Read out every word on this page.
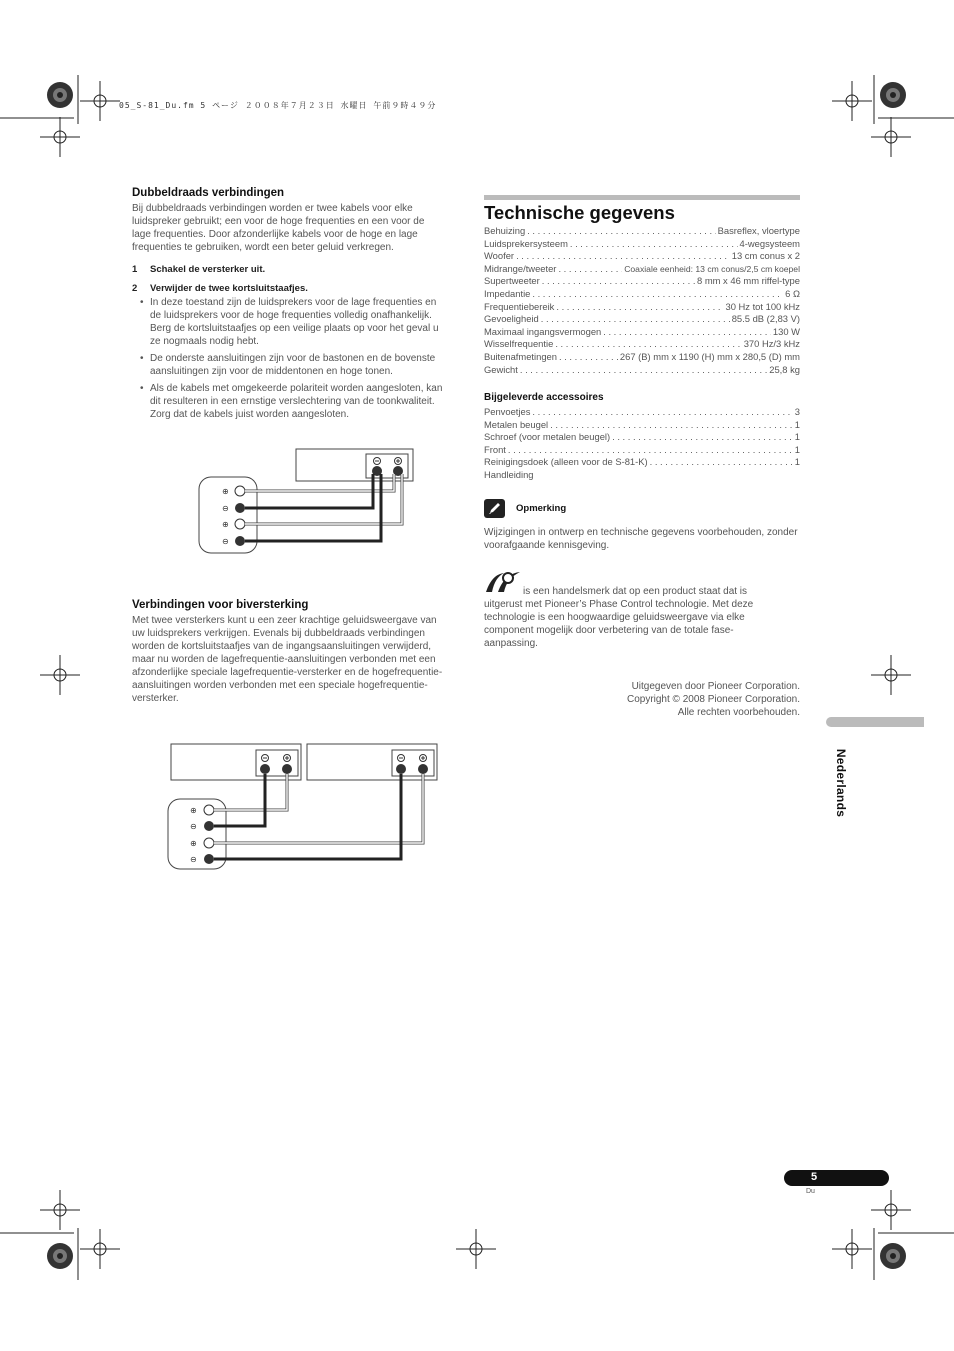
05_S-81_Du.fm 5 ページ ２００８年７月２３日 水曜日 午前９時４９分
Dubbeldraads verbindingen
Bij dubbeldraads verbindingen worden er twee kabels voor elke luidspreker gebruikt; een voor de hoge frequenties en een voor de lage frequenties. Door afzonderlijke kabels voor de hoge en lage frequenties te gebruiken, wordt een beter geluid verkregen.
1 Schakel de versterker uit.
2 Verwijder de twee kortsluitstaafjes.
• In deze toestand zijn de luidsprekers voor de lage frequenties en de luidsprekers voor de hoge frequenties volledig onafhankelijk. Berg de kortsluitstaafjes op een veilige plaats op voor het geval u ze nogmaals nodig hebt.
• De onderste aansluitingen zijn voor de bastonen en de bovenste aansluitingen zijn voor de middentonen en hoge tonen.
• Als de kabels met omgekeerde polariteit worden aangesloten, kan dit resulteren in een ernstige verslechtering van de toonkwaliteit. Zorg dat de kabels juist worden aangesloten.
⊕
⊖
⊕
⊖
Verbindingen voor biversterking
Met twee versterkers kunt u een zeer krachtige geluidsweergave van uw luidsprekers verkrijgen. Evenals bij dubbeldraads verbindingen worden de kortsluitstaafjes van de ingangsaansluitingen verwijderd, maar nu worden de lagefrequentie-aansluitingen verbonden met een afzonderlijke speciale lagefrequentie-versterker en de hogefrequentie-aansluitingen worden verbonden met een speciale hogefrequentie-versterker.
⊕
⊖
⊕
⊖
Technische gegevens
Behuizing . . .	Basreflex, vloertype
Luidsprekersysteem . . .	4-wegsysteem
Woofer . . .	13 cm conus x 2
Midrange/tweeter . . .	Coaxiale eenheid: 13 cm conus/2,5 cm koepel
Supertweeter . . .	8 mm x 46 mm riffel-type
Impedantie . . .	6 Ω
Frequentiebereik . . .	30 Hz tot 100 kHz
Gevoeligheid . . .	85.5 dB (2,83 V)
Maximaal ingangsvermogen . . .	130 W
Wisselfrequentie . . .	370 Hz/3 kHz
Buitenafmetingen . . .	267 (B) mm x 1190 (H) mm x 280,5 (D) mm
Gewicht . . .	25,8 kg
Bijgeleverde accessoires
Penvoetjes . . .	3
Metalen beugel . . .	1
Schroef (voor metalen beugel) . . .	1
Front . . .	1
Reinigingsdoek (alleen voor de S-81-K) . . .	1
Handleiding
Opmerking
Wijzigingen in ontwerp en technische gegevens voorbehouden, zonder voorafgaande kennisgeving.
is een handelsmerk dat op een product staat dat is uitgerust met Pioneer’s Phase Control technologie. Met deze technologie is een hoogwaardige geluidsweergave via elke component mogelijk door verbetering van de totale fase-aanpassing.
Uitgegeven door Pioneer Corporation.
Copyright © 2008 Pioneer Corporation.
Alle rechten voorbehouden.
Nederlands
5
Du
